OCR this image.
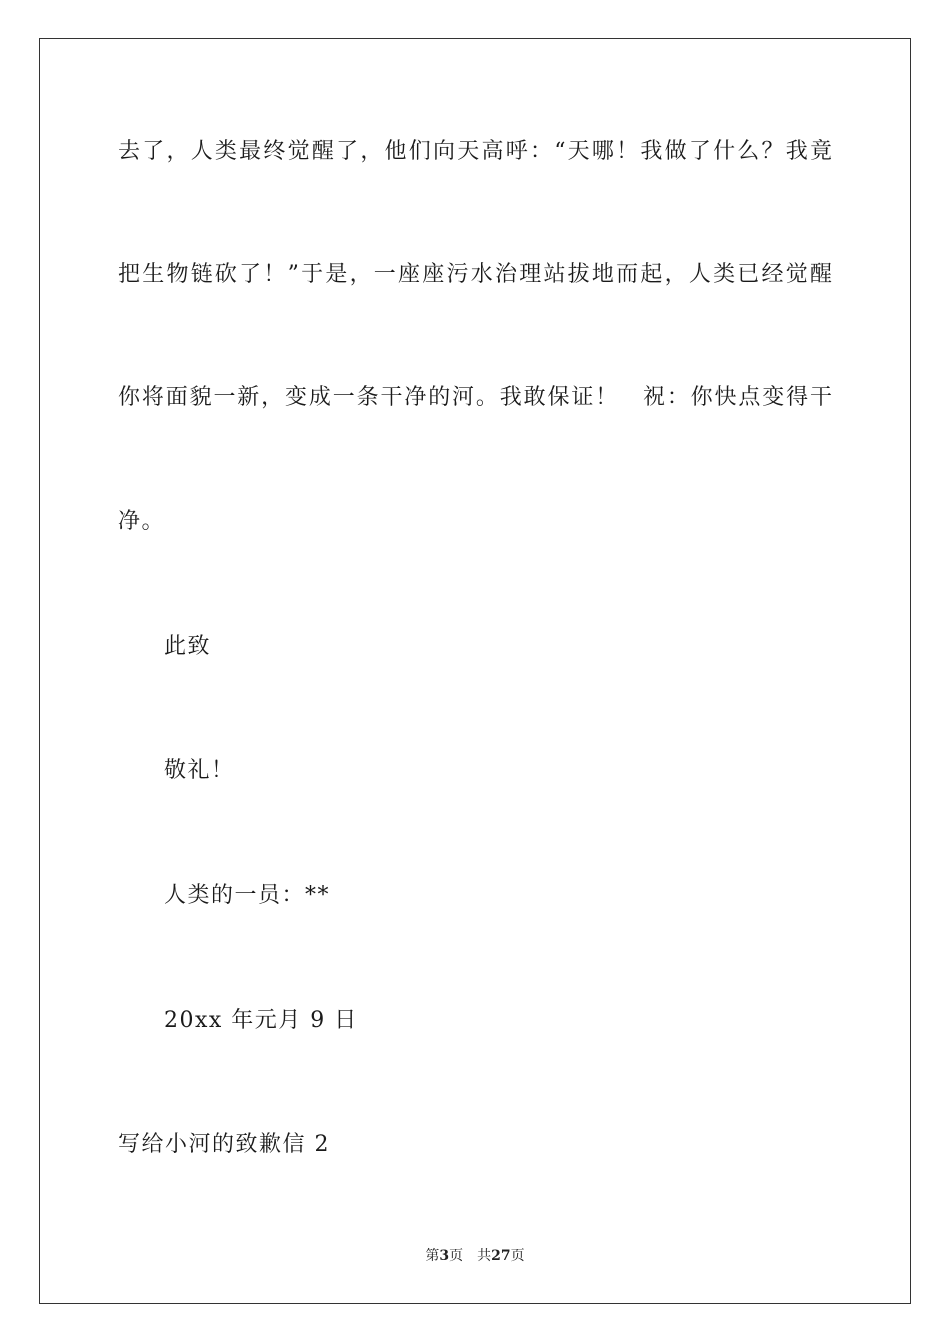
去了，人类最终觉醒了，他们向天高呼：“天哪！我做了什么？我竟
把生物链砍了！”于是，一座座污水治理站拔地而起，人类已经觉醒
你将面貌一新，变成一条干净的河。我敢保证！　祝：你快点变得干
净。
此致
敬礼！
人类的一员：**
20xx 年元月 9 日
写给小河的致歉信 2
第3页 共27页
